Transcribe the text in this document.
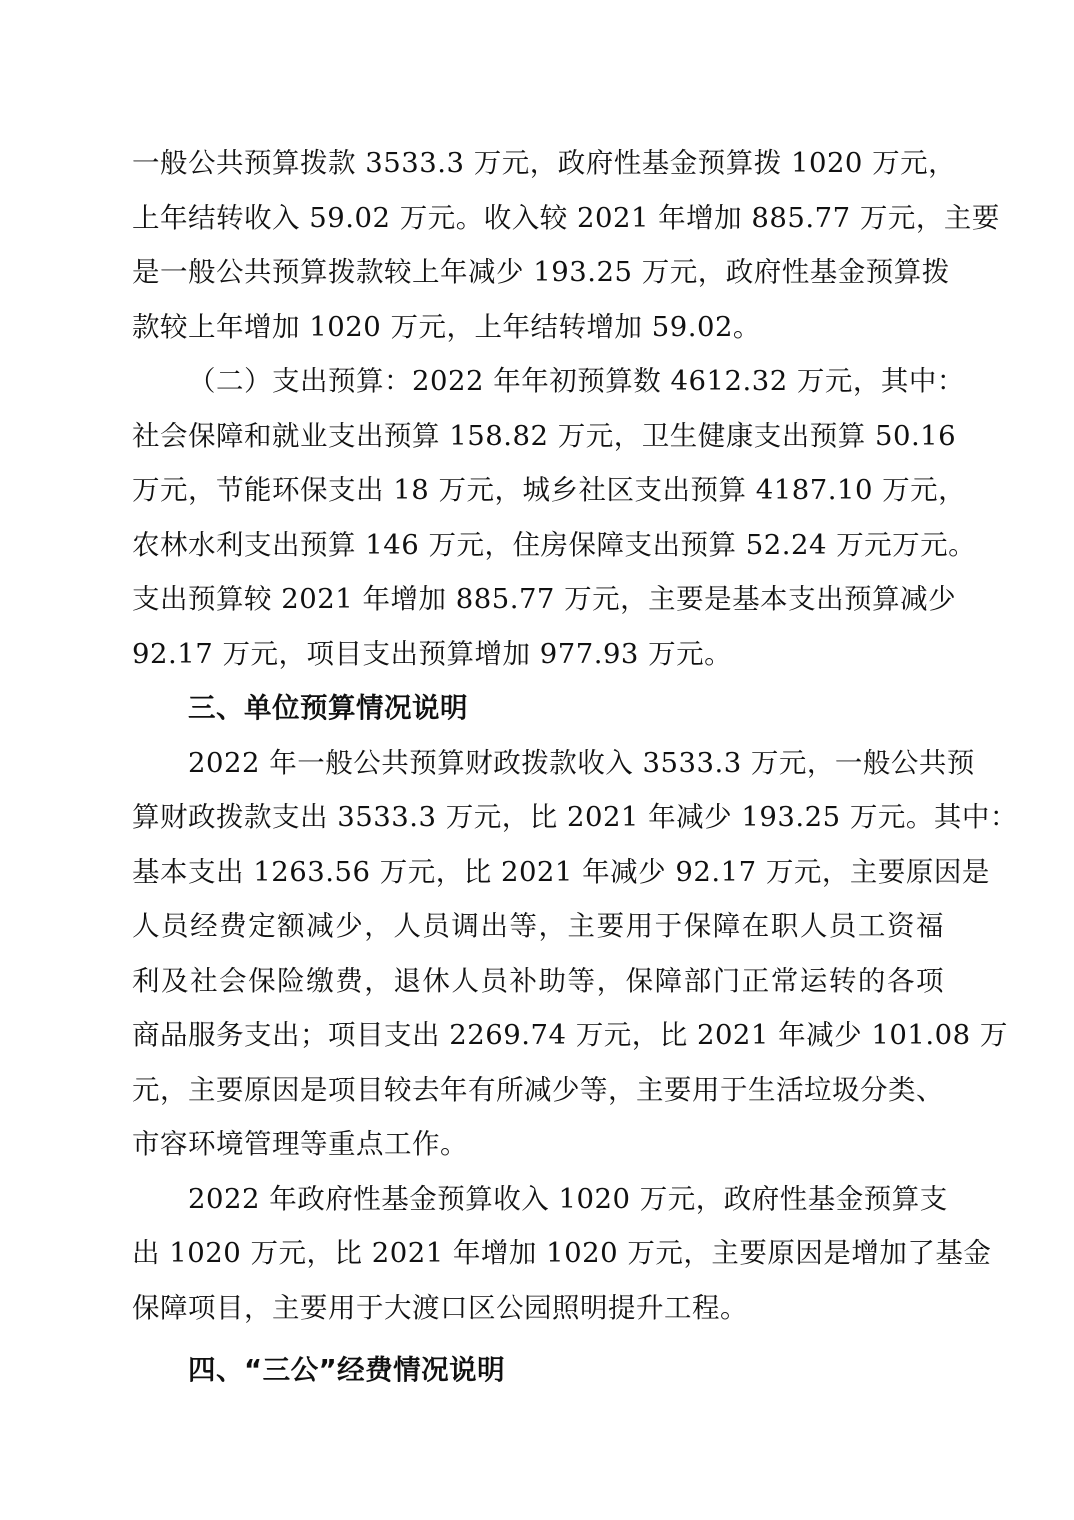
一般公共预算拨款 3533.3 万元，政府性基金预算拨 1020 万元，
上年结转收入 59.02 万元。收入较 2021 年增加 885.77 万元，主要
是一般公共预算拨款较上年减少 193.25 万元，政府性基金预算拨
款较上年增加 1020 万元，上年结转增加 59.02。
（二）支出预算：2022 年年初预算数 4612.32 万元，其中：
社会保障和就业支出预算 158.82 万元，卫生健康支出预算 50.16
万元，节能环保支出 18 万元，城乡社区支出预算 4187.10 万元，
农林水利支出预算 146 万元，住房保障支出预算 52.24 万元万元。
支出预算较 2021 年增加 885.77 万元，主要是基本支出预算减少
92.17 万元，项目支出预算增加 977.93 万元。
三、单位预算情况说明
2022 年一般公共预算财政拨款收入 3533.3 万元，一般公共预
算财政拨款支出 3533.3 万元，比 2021 年减少 193.25 万元。其中：
基本支出 1263.56 万元，比 2021 年减少 92.17 万元，主要原因是
人员经费定额减少，人员调出等，主要用于保障在职人员工资福
利及社会保险缴费，退休人员补助等，保障部门正常运转的各项
商品服务支出；项目支出 2269.74 万元，比 2021 年减少 101.08 万
元，主要原因是项目较去年有所减少等，主要用于生活垃圾分类、
市容环境管理等重点工作。
2022 年政府性基金预算收入 1020 万元，政府性基金预算支
出 1020 万元，比 2021 年增加 1020 万元，主要原因是增加了基金
保障项目，主要用于大渡口区公园照明提升工程。
四、“三公”经费情况说明
